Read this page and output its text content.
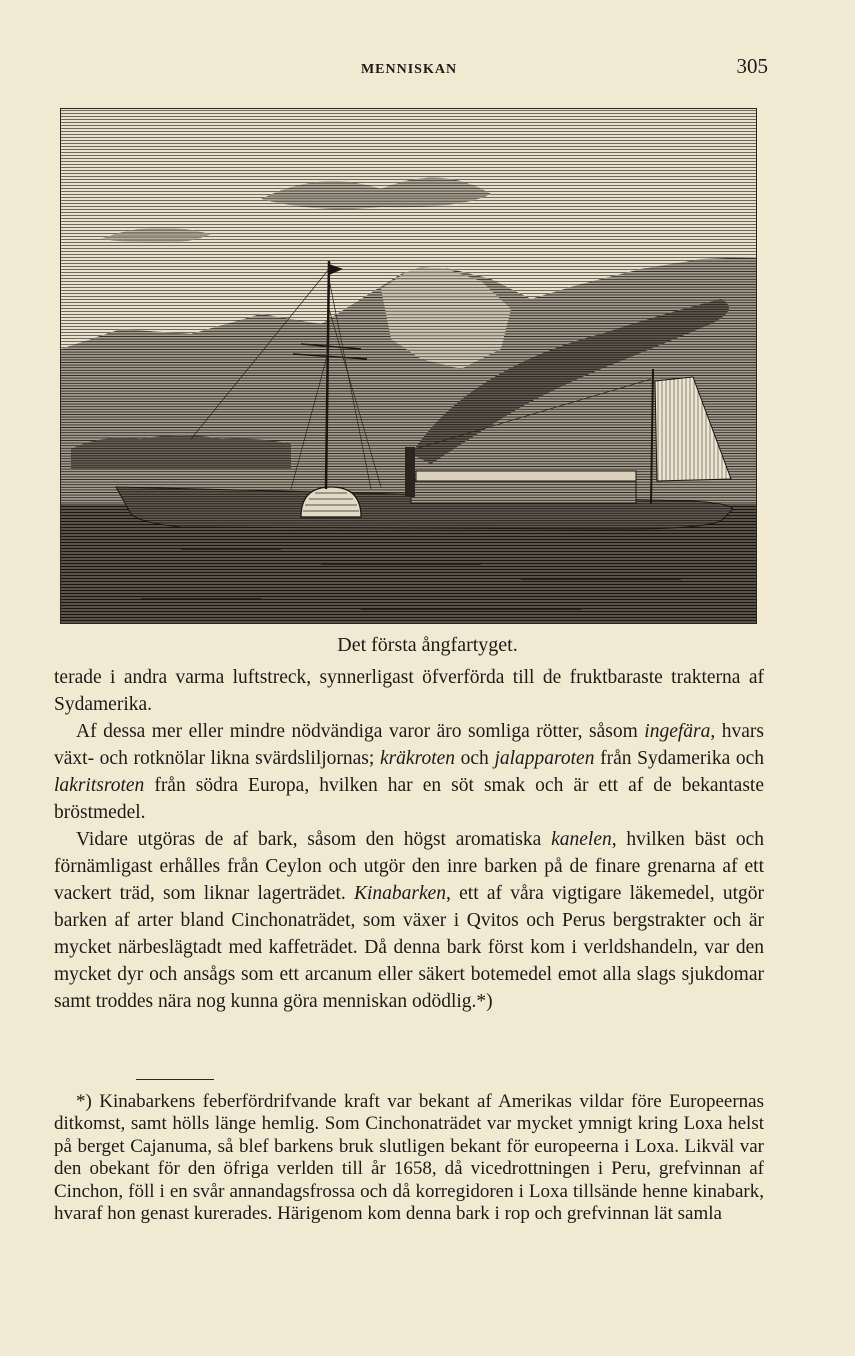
MENNISKAN	305
Det första ångfartyget.

terade i andra varma luftstreck, synnerligast öfverförda till de fruktbaraste trakterna af Sydamerika.

Af dessa mer eller mindre nödvändiga varor äro somliga rötter, såsom ingefära, hvars växt- och rotknölar likna svärdsliljornas; kräkroten och jalapparoten från Sydamerika och lakritsroten från södra Europa, hvilken har en söt smak och är ett af de bekantaste bröstmedel.

Vidare utgöras de af bark, såsom den högst aromatiska kanelen, hvilken bäst och förnämligast erhålles från Ceylon och utgör den inre barken på de finare grenarna af ett vackert träd, som liknar lagerträdet. Kinabarken, ett af våra vigtigare läkemedel, utgör barken af arter bland Cinchonaträdet, som växer i Qvitos och Perus bergstrakter och är mycket närbeslägtadt med kaffeträdet. Då denna bark först kom i verldshandeln, var den mycket dyr och ansågs som ett arcanum eller säkert botemedel emot alla slags sjukdomar samt troddes nära nog kunna göra menniskan odödlig.*)

*) Kinabarkens feberfördrifvande kraft var bekant af Amerikas vildar före Europeernas ditkomst, samt hölls länge hemlig. Som Cinchonaträdet var mycket ymnigt kring Loxa helst på berget Cajanuma, så blef barkens bruk slutligen bekant för europeerna i Loxa. Likväl var den obekant för den öfriga verlden till år 1658, då vicedrottningen i Peru, grefvinnan af Cinchon, föll i en svår annandagsfrossa och då korregidoren i Loxa tillsände henne kinabark, hvaraf hon genast kurerades. Härigenom kom denna bark i rop och grefvinnan lät samla
